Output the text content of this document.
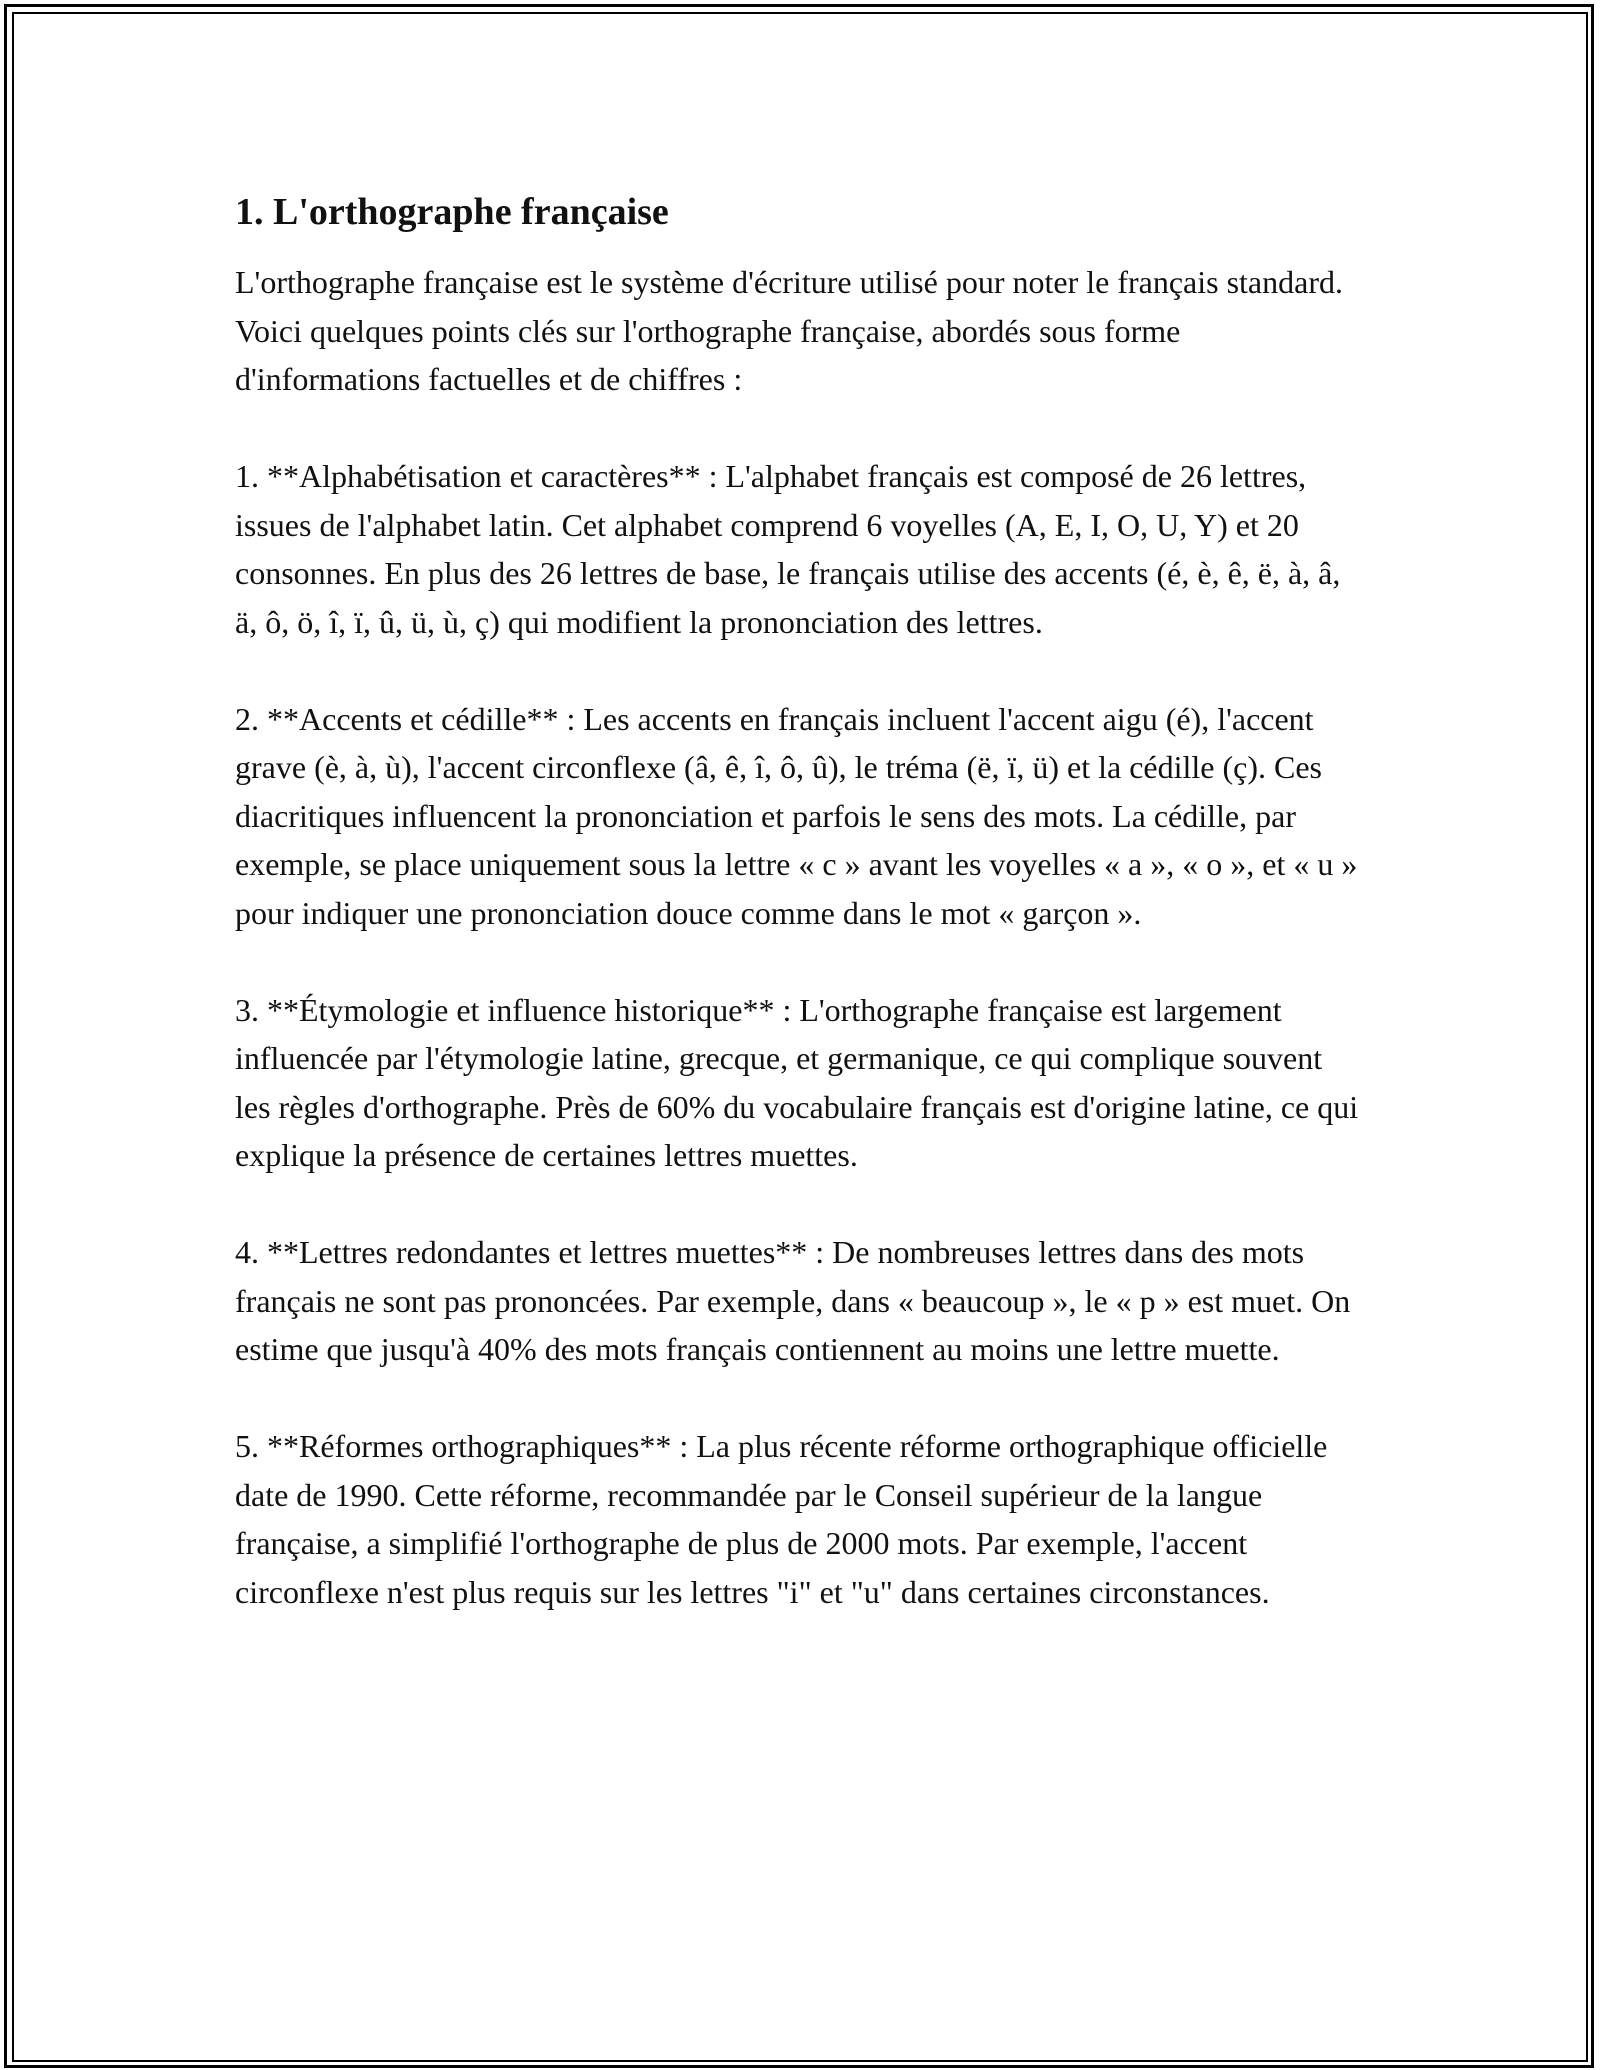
1. L'orthographe française

L'orthographe française est le système d'écriture utilisé pour noter le français standard. Voici quelques points clés sur l'orthographe française, abordés sous forme d'informations factuelles et de chiffres :

1. **Alphabétisation et caractères** : L'alphabet français est composé de 26 lettres, issues de l'alphabet latin. Cet alphabet comprend 6 voyelles (A, E, I, O, U, Y) et 20 consonnes. En plus des 26 lettres de base, le français utilise des accents (é, è, ê, ë, à, â, ä, ô, ö, î, ï, û, ü, ù, ç) qui modifient la prononciation des lettres.

2. **Accents et cédille** : Les accents en français incluent l'accent aigu (é), l'accent grave (è, à, ù), l'accent circonflexe (â, ê, î, ô, û), le tréma (ë, ï, ü) et la cédille (ç). Ces diacritiques influencent la prononciation et parfois le sens des mots. La cédille, par exemple, se place uniquement sous la lettre « c » avant les voyelles « a », « o », et « u » pour indiquer une prononciation douce comme dans le mot « garçon ».

3. **Étymologie et influence historique** : L'orthographe française est largement influencée par l'étymologie latine, grecque, et germanique, ce qui complique souvent les règles d'orthographe. Près de 60% du vocabulaire français est d'origine latine, ce qui explique la présence de certaines lettres muettes.

4. **Lettres redondantes et lettres muettes** : De nombreuses lettres dans des mots français ne sont pas prononcées. Par exemple, dans « beaucoup », le « p » est muet. On estime que jusqu'à 40% des mots français contiennent au moins une lettre muette.

5. **Réformes orthographiques** : La plus récente réforme orthographique officielle date de 1990. Cette réforme, recommandée par le Conseil supérieur de la langue française, a simplifié l'orthographe de plus de 2000 mots. Par exemple, l'accent circonflexe n'est plus requis sur les lettres "i" et "u" dans certaines circonstances.
